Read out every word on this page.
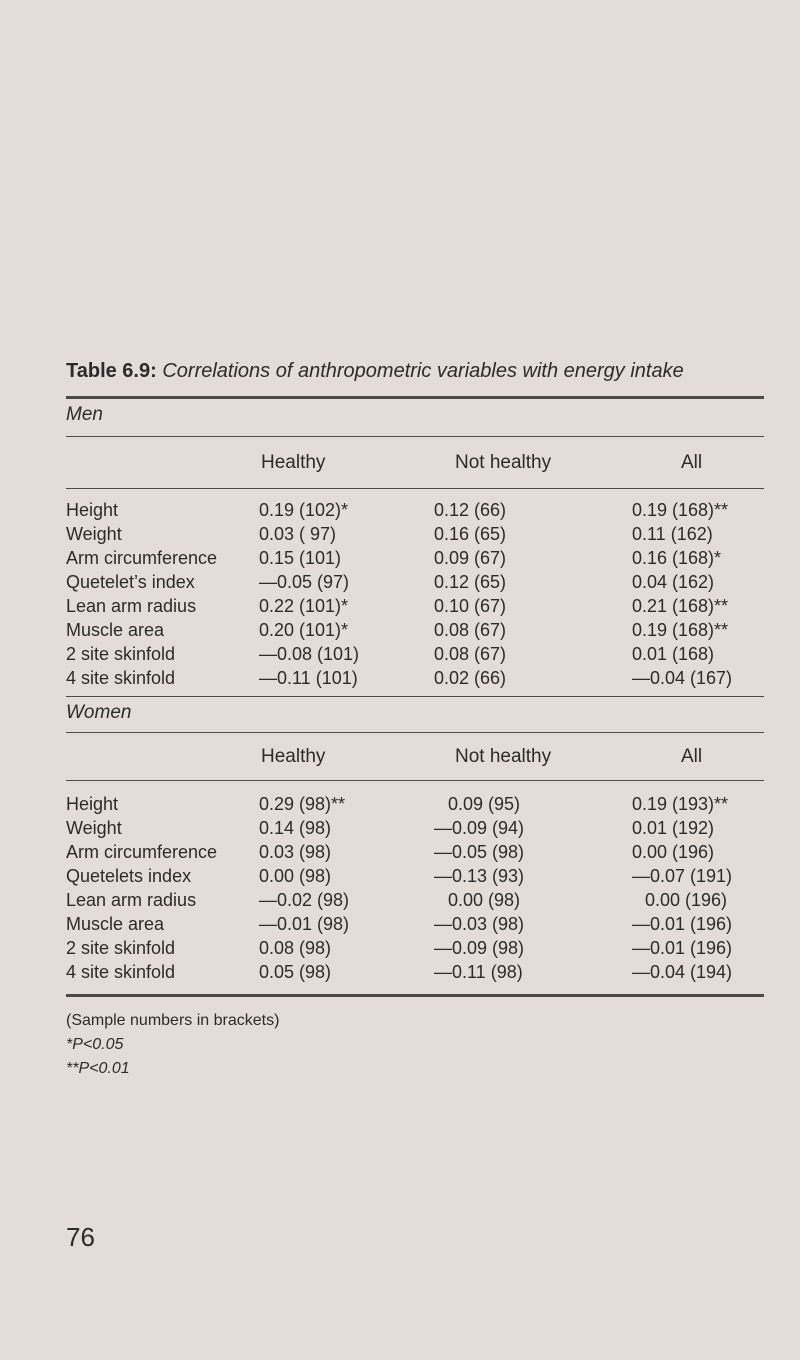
Table 6.9: Correlations of anthropometric variables with energy intake
Men
Healthy	Not healthy	All
Height	0.19 (102)*	0.12 (66)	0.19 (168)**
Weight	0.03 ( 97)	0.16 (65)	0.11 (162)
Arm circumference 0.15 (101)	0.09 (67)	0.16 (168)*
Quetelet’s index	—0.05 (97)	0.12 (65)	0.04 (162)
Lean arm radius	0.22 (101)*	0.10 (67)	0.21 (168)**
Muscle area	0.20 (101)*	0.08 (67)	0.19 (168)**
2 site skinfold	—0.08 (101)	0.08 (67)	0.01 (168)
4 site skinfold	—0.11 (101)	0.02 (66)	—0.04 (167)
Women
Healthy	Not healthy	All
Height	0.29 (98)**	0.09 (95)	0.19 (193)**
Weight	0.14 (98)	—0.09 (94)	0.01 (192)
Arm circumference 0.03 (98)	—0.05 (98)	0.00 (196)
Quetelets index	0.00 (98)	—0.13 (93)	—0.07 (191)
Lean arm radius	—0.02 (98)	0.00 (98)	0.00 (196)
Muscle area	—0.01 (98)	—0.03 (98)	—0.01 (196)
2 site skinfold	0.08 (98)	—0.09 (98)	—0.01 (196)
4 site skinfold	0.05 (98)	—0.11 (98)	—0.04 (194)
(Sample numbers in brackets)
*P<0.05
**P<0.01
76
